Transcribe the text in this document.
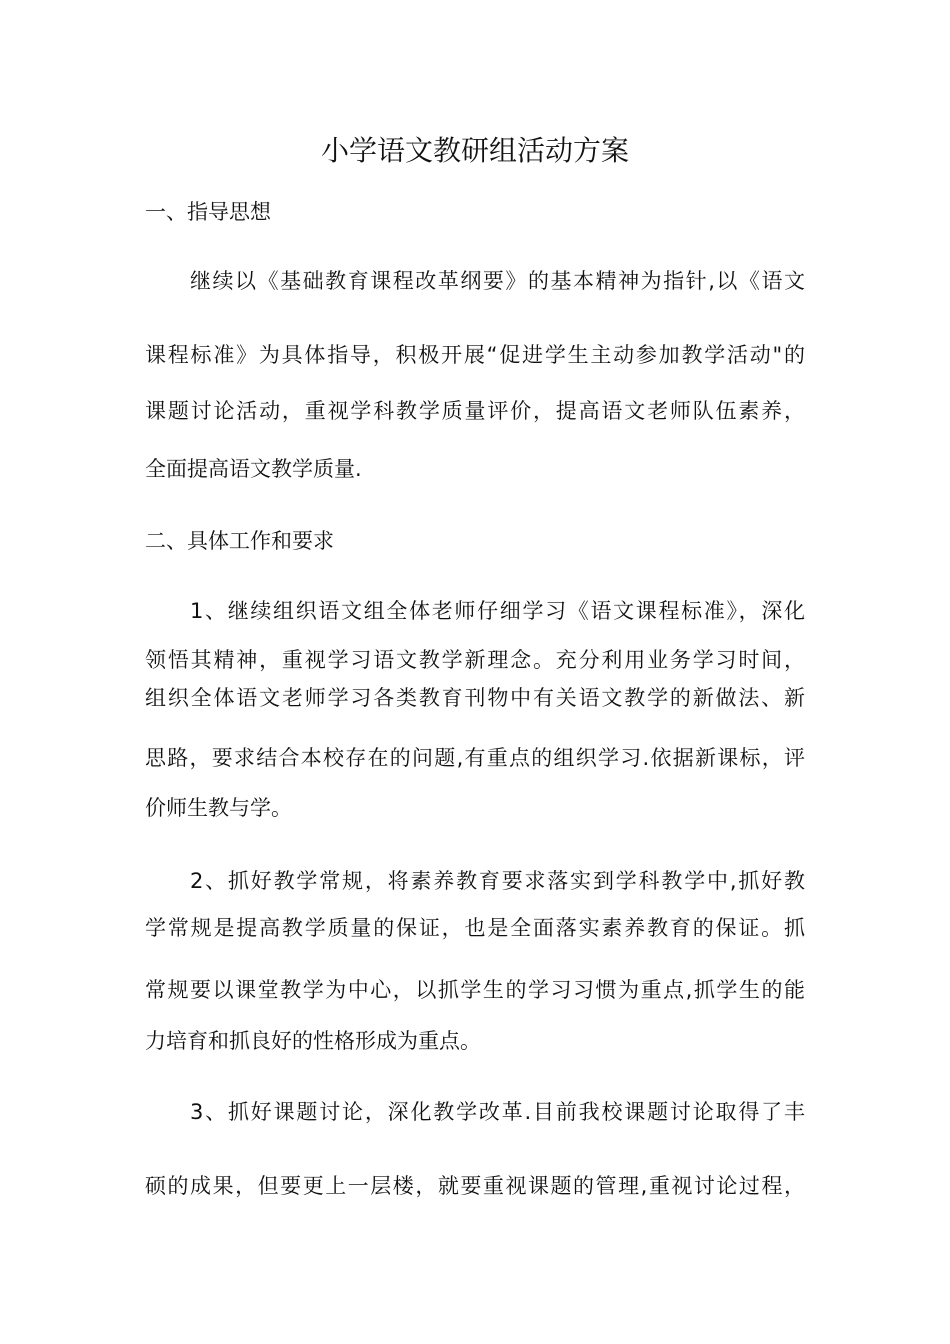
小学语文教研组活动方案
一、指导思想
继续以《基础教育课程改革纲要》的基本精神为指针,以《语文
课程标准》为具体指导，积极开展“促进学生主动参加教学活动"的
课题讨论活动，重视学科教学质量评价，提高语文老师队伍素养，
全面提高语文教学质量.
二、具体工作和要求
1、继续组织语文组全体老师仔细学习《语文课程标准》，深化
领悟其精神，重视学习语文教学新理念。充分利用业务学习时间，
组织全体语文老师学习各类教育刊物中有关语文教学的新做法、新
思路，要求结合本校存在的问题,有重点的组织学习.依据新课标，评
价师生教与学。
2、抓好教学常规，将素养教育要求落实到学科教学中,抓好教
学常规是提高教学质量的保证，也是全面落实素养教育的保证。抓
常规要以课堂教学为中心，以抓学生的学习习惯为重点,抓学生的能
力培育和抓良好的性格形成为重点。
3、抓好课题讨论，深化教学改革.目前我校课题讨论取得了丰
硕的成果，但要更上一层楼，就要重视课题的管理,重视讨论过程，
